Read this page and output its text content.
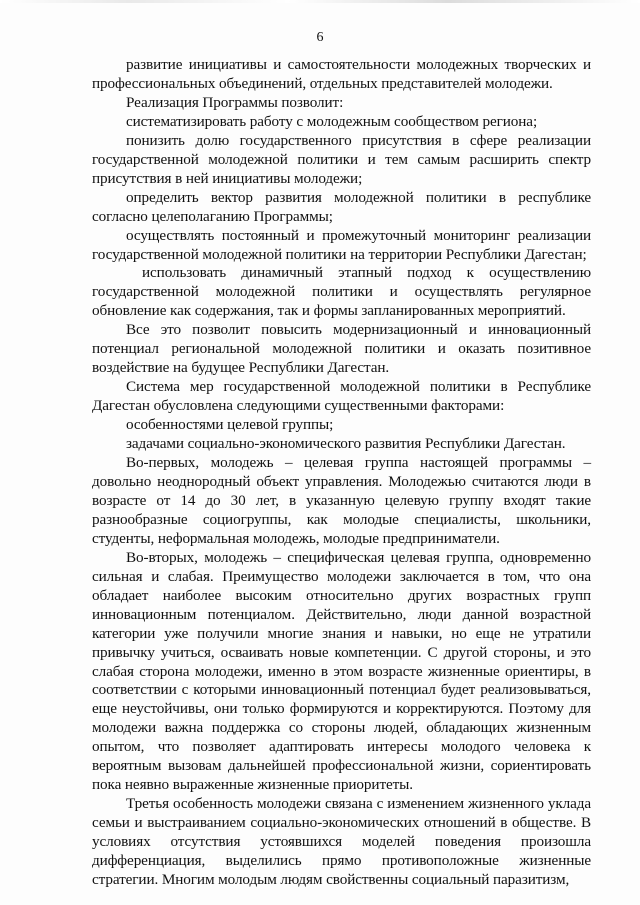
6

развитие инициативы и самостоятельности молодежных творческих и профессиональных объединений, отдельных представителей молодежи.

Реализация Программы позволит:

систематизировать работу с молодежным сообществом региона;

понизить долю государственного присутствия в сфере реализации государственной молодежной политики и тем самым расширить спектр присутствия в ней инициативы молодежи;

определить вектор развития молодежной политики в республике согласно целеполаганию Программы;

осуществлять постоянный и промежуточный мониторинг реализации государственной молодежной политики на территории Республики Дагестан;

использовать динамичный этапный подход к осуществлению государственной молодежной политики и осуществлять регулярное обновление как содержания, так и формы запланированных мероприятий.

Все это позволит повысить модернизационный и инновационный потенциал региональной молодежной политики и оказать позитивное воздействие на будущее Республики Дагестан.

Система мер государственной молодежной политики в Республике Дагестан обусловлена следующими существенными факторами:

особенностями целевой группы;

задачами социально-экономического развития Республики Дагестан.

Во-первых, молодежь – целевая группа настоящей программы – довольно неоднородный объект управления. Молодежью считаются люди в возрасте от 14 до 30 лет, в указанную целевую группу входят такие разнообразные социогруппы, как молодые специалисты, школьники, студенты, неформальная молодежь, молодые предприниматели.

Во-вторых, молодежь – специфическая целевая группа, одновременно сильная и слабая. Преимущество молодежи заключается в том, что она обладает наиболее высоким относительно других возрастных групп инновационным потенциалом. Действительно, люди данной возрастной категории уже получили многие знания и навыки, но еще не утратили привычку учиться, осваивать новые компетенции. С другой стороны, и это слабая сторона молодежи, именно в этом возрасте жизненные ориентиры, в соответствии с которыми инновационный потенциал будет реализовываться, еще неустойчивы, они только формируются и корректируются. Поэтому для молодежи важна поддержка со стороны людей, обладающих жизненным опытом, что позволяет адаптировать интересы молодого человека к вероятным вызовам дальнейшей профессиональной жизни, сориентировать пока неявно выраженные жизненные приоритеты.

Третья особенность молодежи связана с изменением жизненного уклада семьи и выстраиванием социально-экономических отношений в обществе. В условиях отсутствия устоявшихся моделей поведения произошла дифференциация, выделились прямо противоположные жизненные стратегии. Многим молодым людям свойственны социальный паразитизм,
